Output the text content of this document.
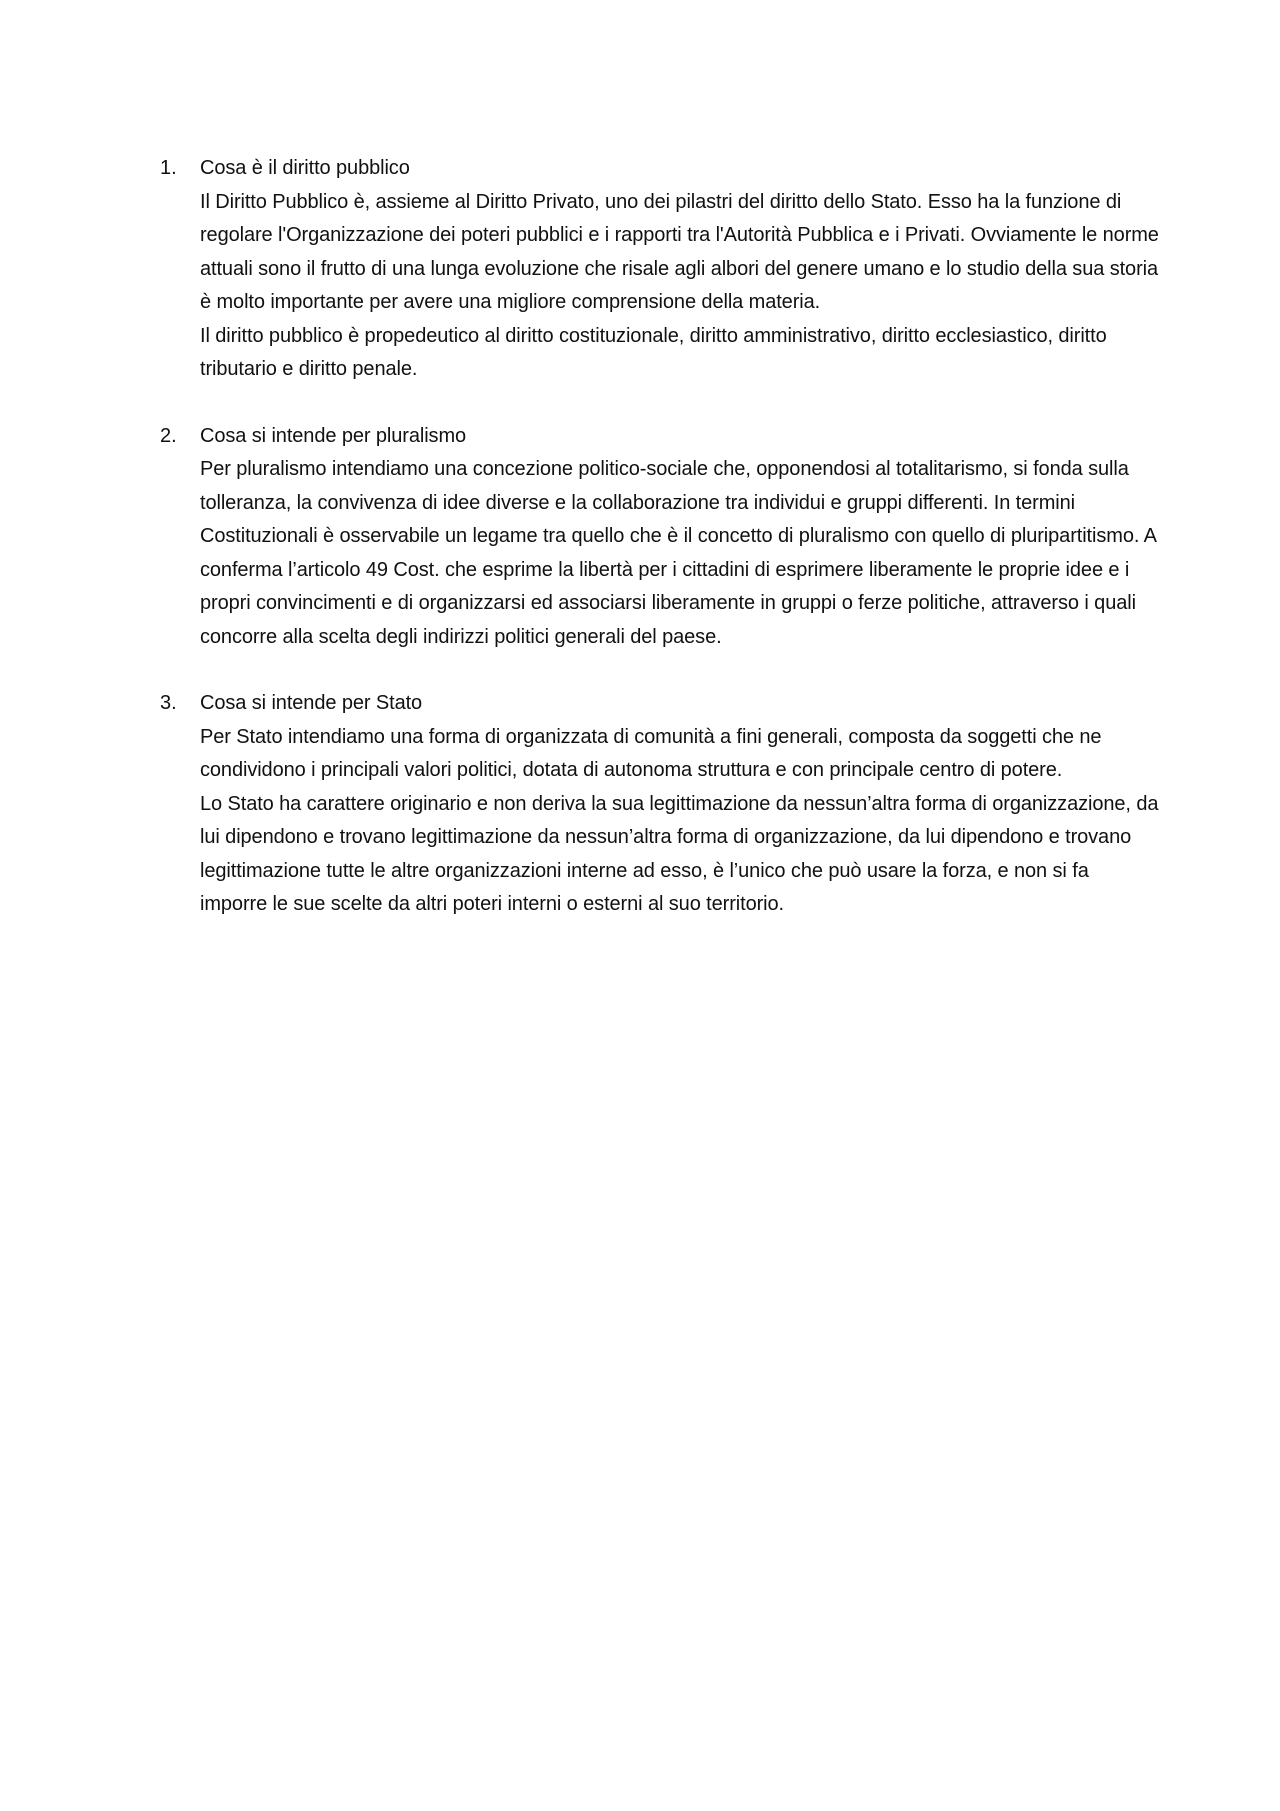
1.	Cosa è il diritto pubblico

Il Diritto Pubblico è, assieme al Diritto Privato, uno dei pilastri del diritto dello Stato. Esso ha la funzione di regolare l'Organizzazione dei poteri pubblici e i rapporti tra l'Autorità Pubblica e i Privati. Ovviamente le norme attuali sono il frutto di una lunga evoluzione che risale agli albori del genere umano e lo studio della sua storia è molto importante per avere una migliore comprensione della materia.

Il diritto pubblico è propedeutico al diritto costituzionale, diritto amministrativo, diritto ecclesiastico, diritto tributario e diritto penale.

2.	Cosa si intende per pluralismo

Per pluralismo intendiamo una concezione politico-sociale che, opponendosi al totalitarismo, si fonda sulla tolleranza, la convivenza di idee diverse e la collaborazione tra individui e gruppi differenti. In termini Costituzionali è osservabile un legame tra quello che è il concetto di pluralismo con quello di pluripartitismo. A conferma l’articolo 49 Cost. che esprime la libertà per i cittadini di esprimere liberamente le proprie idee e i propri convincimenti e di organizzarsi ed associarsi liberamente in gruppi o ferze politiche, attraverso i quali concorre alla scelta degli indirizzi politici generali del paese.

3.	Cosa si intende per Stato

Per Stato intendiamo una forma di organizzata di comunità a fini generali, composta da soggetti che ne condividono i principali valori politici, dotata di autonoma struttura e con principale centro di potere.

Lo Stato ha carattere originario e non deriva la sua legittimazione da nessun’altra forma di organizzazione, da lui dipendono e trovano legittimazione da nessun’altra forma di organizzazione, da lui dipendono e trovano legittimazione tutte le altre organizzazioni interne ad esso, è l’unico che può usare la forza, e non si fa imporre le sue scelte da altri poteri interni o esterni al suo territorio.
